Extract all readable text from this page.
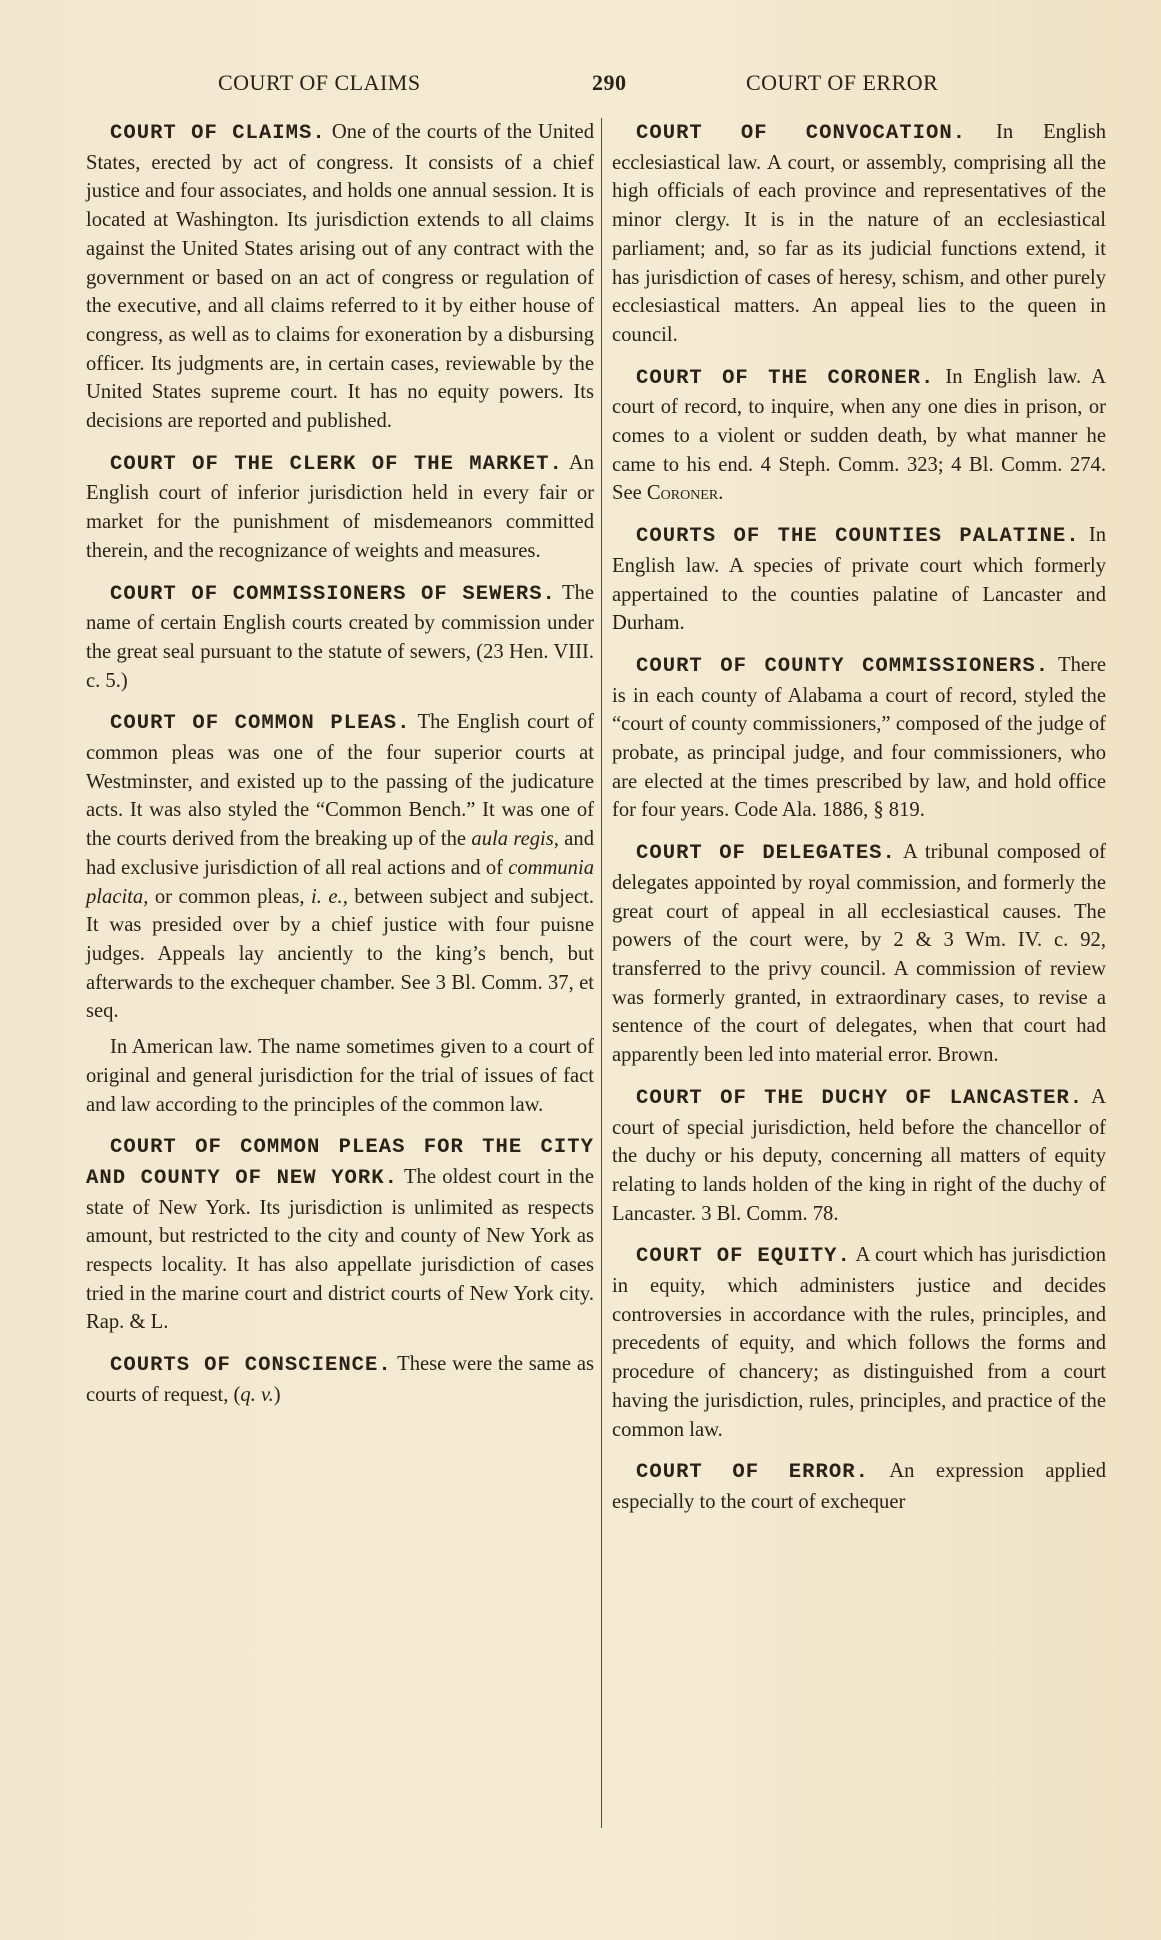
COURT OF CLAIMS	290	COURT OF ERROR

COURT OF CLAIMS. One of the courts of the United States, erected by act of congress. It consists of a chief justice and four associates, and holds one annual session. It is located at Washington. Its jurisdiction extends to all claims against the United States arising out of any contract with the government or based on an act of congress or regulation of the executive, and all claims referred to it by either house of congress, as well as to claims for exoneration by a disbursing officer. Its judgments are, in certain cases, reviewable by the United States supreme court. It has no equity powers. Its decisions are reported and published.

COURT OF THE CLERK OF THE MARKET. An English court of inferior jurisdiction held in every fair or market for the punishment of misdemeanors committed therein, and the recognizance of weights and measures.

COURT OF COMMISSIONERS OF SEWERS. The name of certain English courts created by commission under the great seal pursuant to the statute of sewers, (23 Hen. VIII. c. 5.)

COURT OF COMMON PLEAS. The English court of common pleas was one of the four superior courts at Westminster, and existed up to the passing of the judicature acts. It was also styled the “Common Bench.” It was one of the courts derived from the breaking up of the aula regis, and had exclusive jurisdiction of all real actions and of communia placita, or common pleas, i. e., between subject and subject. It was presided over by a chief justice with four puisne judges. Appeals lay anciently to the king’s bench, but afterwards to the exchequer chamber. See 3 Bl. Comm. 37, et seq.

In American law. The name sometimes given to a court of original and general jurisdiction for the trial of issues of fact and law according to the principles of the common law.

COURT OF COMMON PLEAS FOR THE CITY AND COUNTY OF NEW YORK. The oldest court in the state of New York. Its jurisdiction is unlimited as respects amount, but restricted to the city and county of New York as respects locality. It has also appellate jurisdiction of cases tried in the marine court and district courts of New York city. Rap. & L.

COURTS OF CONSCIENCE. These were the same as courts of request, (q. v.)

COURT OF CONVOCATION. In English ecclesiastical law. A court, or assembly, comprising all the high officials of each province and representatives of the minor clergy. It is in the nature of an ecclesiastical parliament; and, so far as its judicial functions extend, it has jurisdiction of cases of heresy, schism, and other purely ecclesiastical matters. An appeal lies to the queen in council.

COURT OF THE CORONER. In English law. A court of record, to inquire, when any one dies in prison, or comes to a violent or sudden death, by what manner he came to his end. 4 Steph. Comm. 323; 4 Bl. Comm. 274. See Coroner.

COURTS OF THE COUNTIES PALATINE. In English law. A species of private court which formerly appertained to the counties palatine of Lancaster and Durham.

COURT OF COUNTY COMMISSIONERS. There is in each county of Alabama a court of record, styled the “court of county commissioners,” composed of the judge of probate, as principal judge, and four commissioners, who are elected at the times prescribed by law, and hold office for four years. Code Ala. 1886, § 819.

COURT OF DELEGATES. A tribunal composed of delegates appointed by royal commission, and formerly the great court of appeal in all ecclesiastical causes. The powers of the court were, by 2 & 3 Wm. IV. c. 92, transferred to the privy council. A commission of review was formerly granted, in extraordinary cases, to revise a sentence of the court of delegates, when that court had apparently been led into material error. Brown.

COURT OF THE DUCHY OF LANCASTER. A court of special jurisdiction, held before the chancellor of the duchy or his deputy, concerning all matters of equity relating to lands holden of the king in right of the duchy of Lancaster. 3 Bl. Comm. 78.

COURT OF EQUITY. A court which has jurisdiction in equity, which administers justice and decides controversies in accordance with the rules, principles, and precedents of equity, and which follows the forms and procedure of chancery; as distinguished from a court having the jurisdiction, rules, principles, and practice of the common law.

COURT OF ERROR. An expression applied especially to the court of exchequer
